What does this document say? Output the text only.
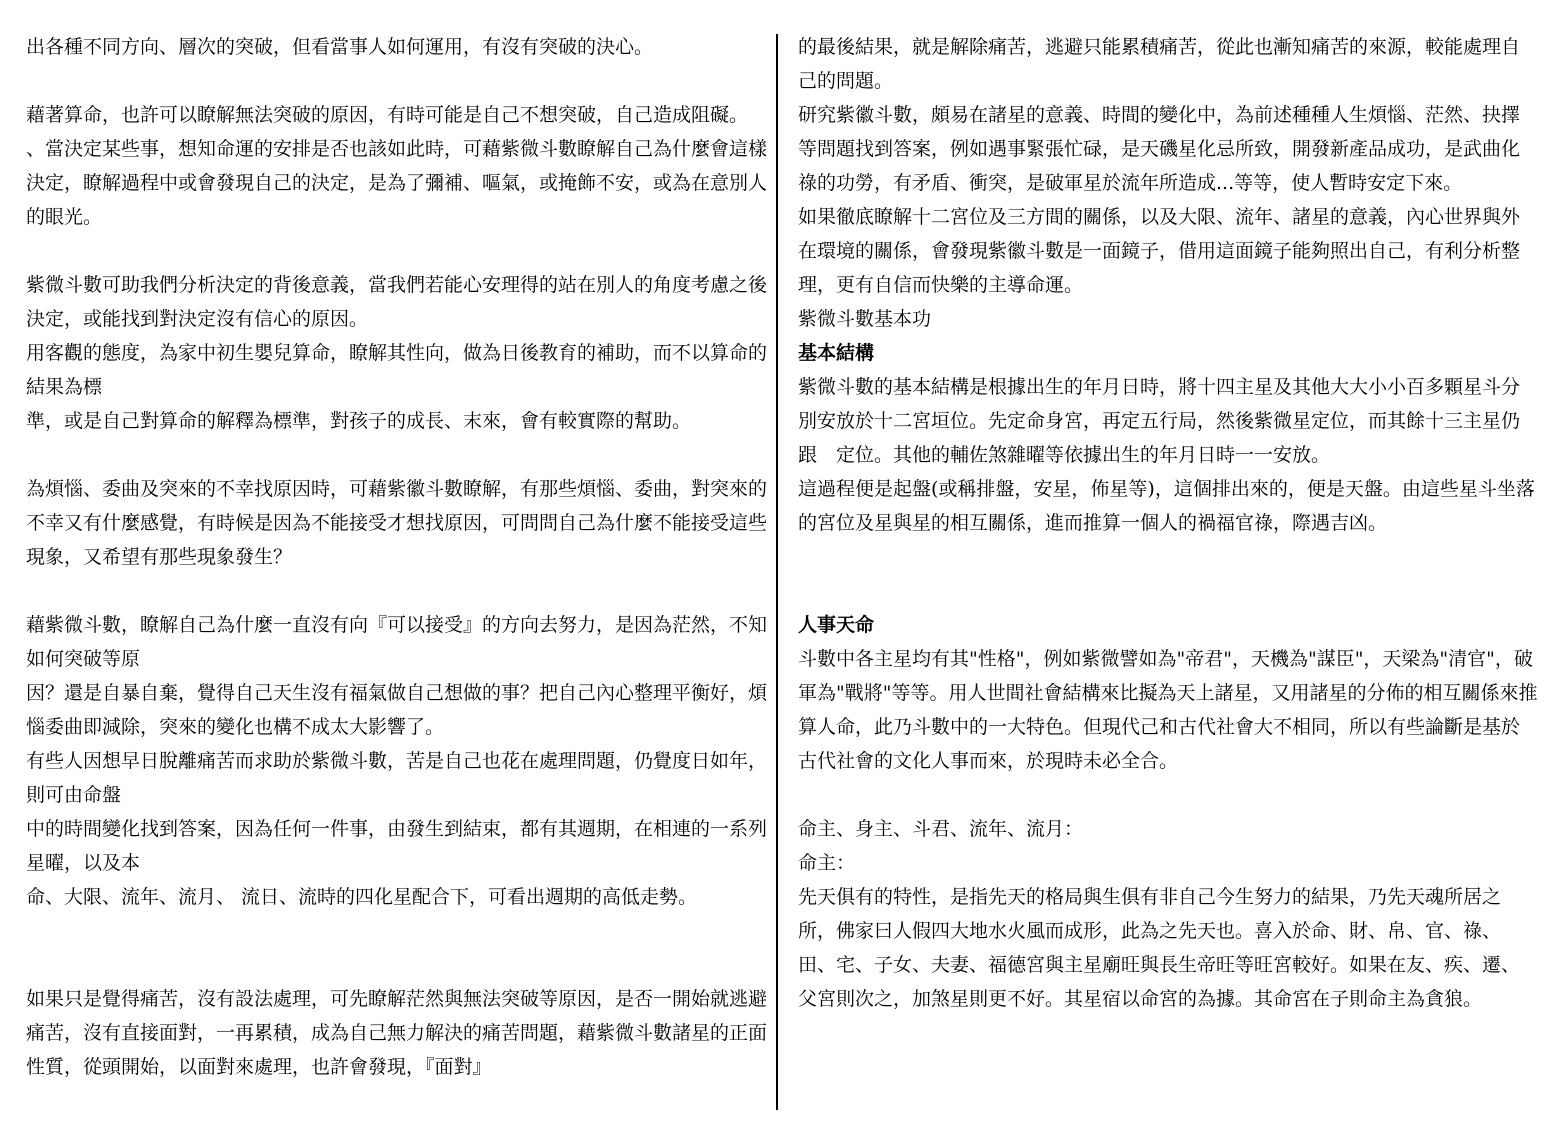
出各種不同方向、層次的突破，但看當事人如何運用，有沒有突破的決心。

藉著算命，也許可以瞭解無法突破的原因，有時可能是自己不想突破，自己造成阻礙。

、當決定某些事，想知命運的安排是否也該如此時，可藉紫微斗數瞭解自己為什麼會這樣決定，瞭解過程中或會發現自己的決定，是為了彌補、嘔氣，或掩飾不安，或為在意別人的眼光。

紫微斗數可助我們分析決定的背後意義，當我們若能心安理得的站在別人的角度考慮之後決定，或能找到對決定沒有信心的原因。

用客觀的態度，為家中初生嬰兒算命，瞭解其性向，做為日後教育的補助，而不以算命的結果為標

準，或是自己對算命的解釋為標準，對孩子的成長、末來，會有較實際的幫助。

為煩惱、委曲及突來的不幸找原因時，可藉紫徽斗數瞭解，有那些煩惱、委曲，對突來的不幸又有什麼感覺，有時候是因為不能接受才想找原因，可問問自己為什麼不能接受這些現象，又希望有那些現象發生？

藉紫微斗數，瞭解自己為什麼一直沒有向『可以接受』的方向去努力，是因為茫然，不知如何突破等原

因？還是自暴自棄，覺得自己天生沒有福氣做自己想做的事？把自己內心整理平衡好，煩惱委曲即減除，突來的變化也構不成太大影響了。

有些人因想早日脫離痛苦而求助於紫微斗數，苦是自己也花在處理問題，仍覺度日如年，則可由命盤

中的時間變化找到答案，因為任何一件事，由發生到結束，都有其週期，在相連的一系列星曜，以及本

命、大限、流年、流月、 流日、流時的四化星配合下，可看出週期的高低走勢。

如果只是覺得痛苦，沒有設法處理，可先瞭解茫然與無法突破等原因，是否一開始就逃避痛苦，沒有直接面對，一再累積，成為自己無力解決的痛苦問題，藉紫微斗數諸星的正面性質，從頭開始，以面對來處理，也許會發現，『面對』

的最後結果，就是解除痛苦，逃避只能累積痛苦，從此也漸知痛苦的來源，較能處理自己的問題。

研究紫徽斗數，頗易在諸星的意義、時間的變化中，為前述種種人生煩惱、茫然、抉擇等問題找到答案，例如遇事緊張忙碌，是天磯星化忌所致，開發新產品成功，是武曲化祿的功勞，有矛盾、衝突，是破軍星於流年所造成...等等，使人暫時安定下來。

如果徹底瞭解十二宮位及三方間的關係，以及大限、流年、諸星的意義，內心世界與外在環境的關係，會發現紫徽斗數是一面鏡子，借用這面鏡子能夠照出自己，有利分析整理，更有自信而快樂的主導命運。

紫微斗數基本功

基本結構

紫微斗數的基本結構是根據出生的年月日時，將十四主星及其他大大小小百多顆星斗分別安放於十二宮垣位。先定命身宮，再定五行局，然後紫微星定位，而其餘十三主星仍跟　定位。其他的輔佐煞雜曜等依據出生的年月日時一一安放。

這過程便是起盤(或稱排盤，安星，佈星等)，這個排出來的，便是天盤。由這些星斗坐落的宮位及星與星的相互關係，進而推算一個人的禍福官祿，際遇吉凶。

人事天命

斗數中各主星均有其"性格"，例如紫微譬如為"帝君"，天機為"謀臣"，天梁為"清官"，破軍為"戰將"等等。用人世間社會結構來比擬為天上諸星，又用諸星的分佈的相互關係來推算人命，此乃斗數中的一大特色。但現代己和古代社會大不相同，所以有些論斷是基於古代社會的文化人事而來，於現時未必全合。

命主、身主、斗君、流年、流月：

命主：

先天俱有的特性，是指先天的格局與生俱有非自己今生努力的結果，乃先天魂所居之所，佛家曰人假四大地水火風而成形，此為之先天也。喜入於命、財、帛、官、祿、田、宅、子女、夫妻、福德宮與主星廟旺與長生帝旺等旺宮較好。如果在友、疾、遷、父宮則次之，加煞星則更不好。其星宿以命宮的為據。其命宮在子則命主為貪狼。
